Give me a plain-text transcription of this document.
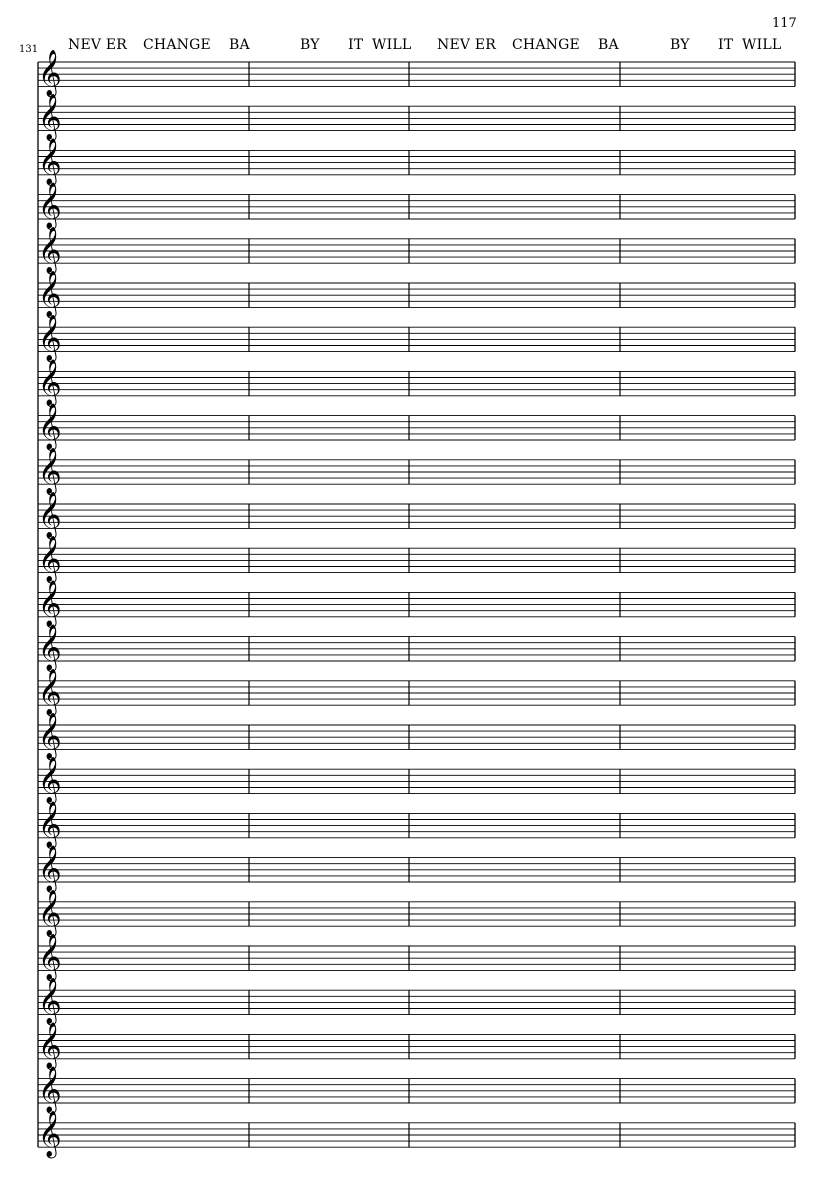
117
131 NEV ER CHANGE BA	BY IT WILL NEV ER CHANGE BA	BY IT WILL
𝄞
𝄞
𝄞
𝄞
𝄞
𝄞
𝄞
𝄞
𝄞
𝄞
𝄞
𝄞
𝄞
𝄞
𝄞
𝄞
𝄞
𝄞
𝄞
𝄞
𝄞
𝄞
𝄞
𝄞
𝄞
